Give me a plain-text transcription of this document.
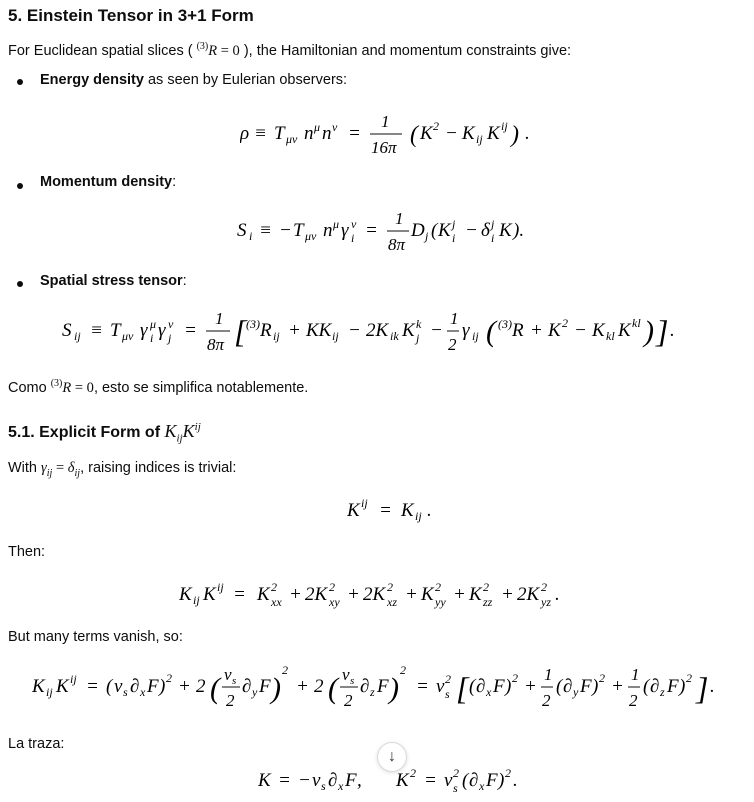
5. Einstein Tensor in 3+1 Form
For Euclidean spatial slices ( $^{(3)}$R = 0 ), the Hamiltonian and momentum constraints give:
Energy density as seen by Eulerian observers:
ρ ≡ T μν n μ n ν =
1
16π ( K 2 − K ij K ij ) .
Momentum density:
S i ≡ − T μν n μ γ ν
i =
1
8π
D j ( K j
i − δ j
i K ).
Spatial stress tensor:
S ij ≡ T μν γ μ
i γ ν
j =
1
8π [ (3) R ij + KK ij − 2K ik K k
j −
1
2
γ ij ( (3) R + K 2 − K kl K kl ) ] .
Como $^{(3)}$R = 0, esto se simplifica notablemente.
5.1. Explicit Form of $K_{ij}K^{ij}$
With $\gamma_{ij} = \delta_{ij}$, raising indices is trivial:
K ij = K ij .
Then:
K ij K ij = K 2
xx + 2K 2
xy + 2K 2
xz + K 2
yy + K 2
zz + 2K 2
yz .
But many terms vanish, so:
K ij K ij = ( v s ∂ x F ) 2 + 2 ( v s
2
∂ y F )
2
+ 2 ( v s
2
∂ z F )
2
= v 2
s [ ( ∂ x F ) 2 +
1
2
( ∂ y F ) 2 +
1
2
( ∂ z F ) 2 ] .
La traza:
↓
K = − v s ∂ x F , K 2 = v 2
s ( ∂ x F ) 2 .
